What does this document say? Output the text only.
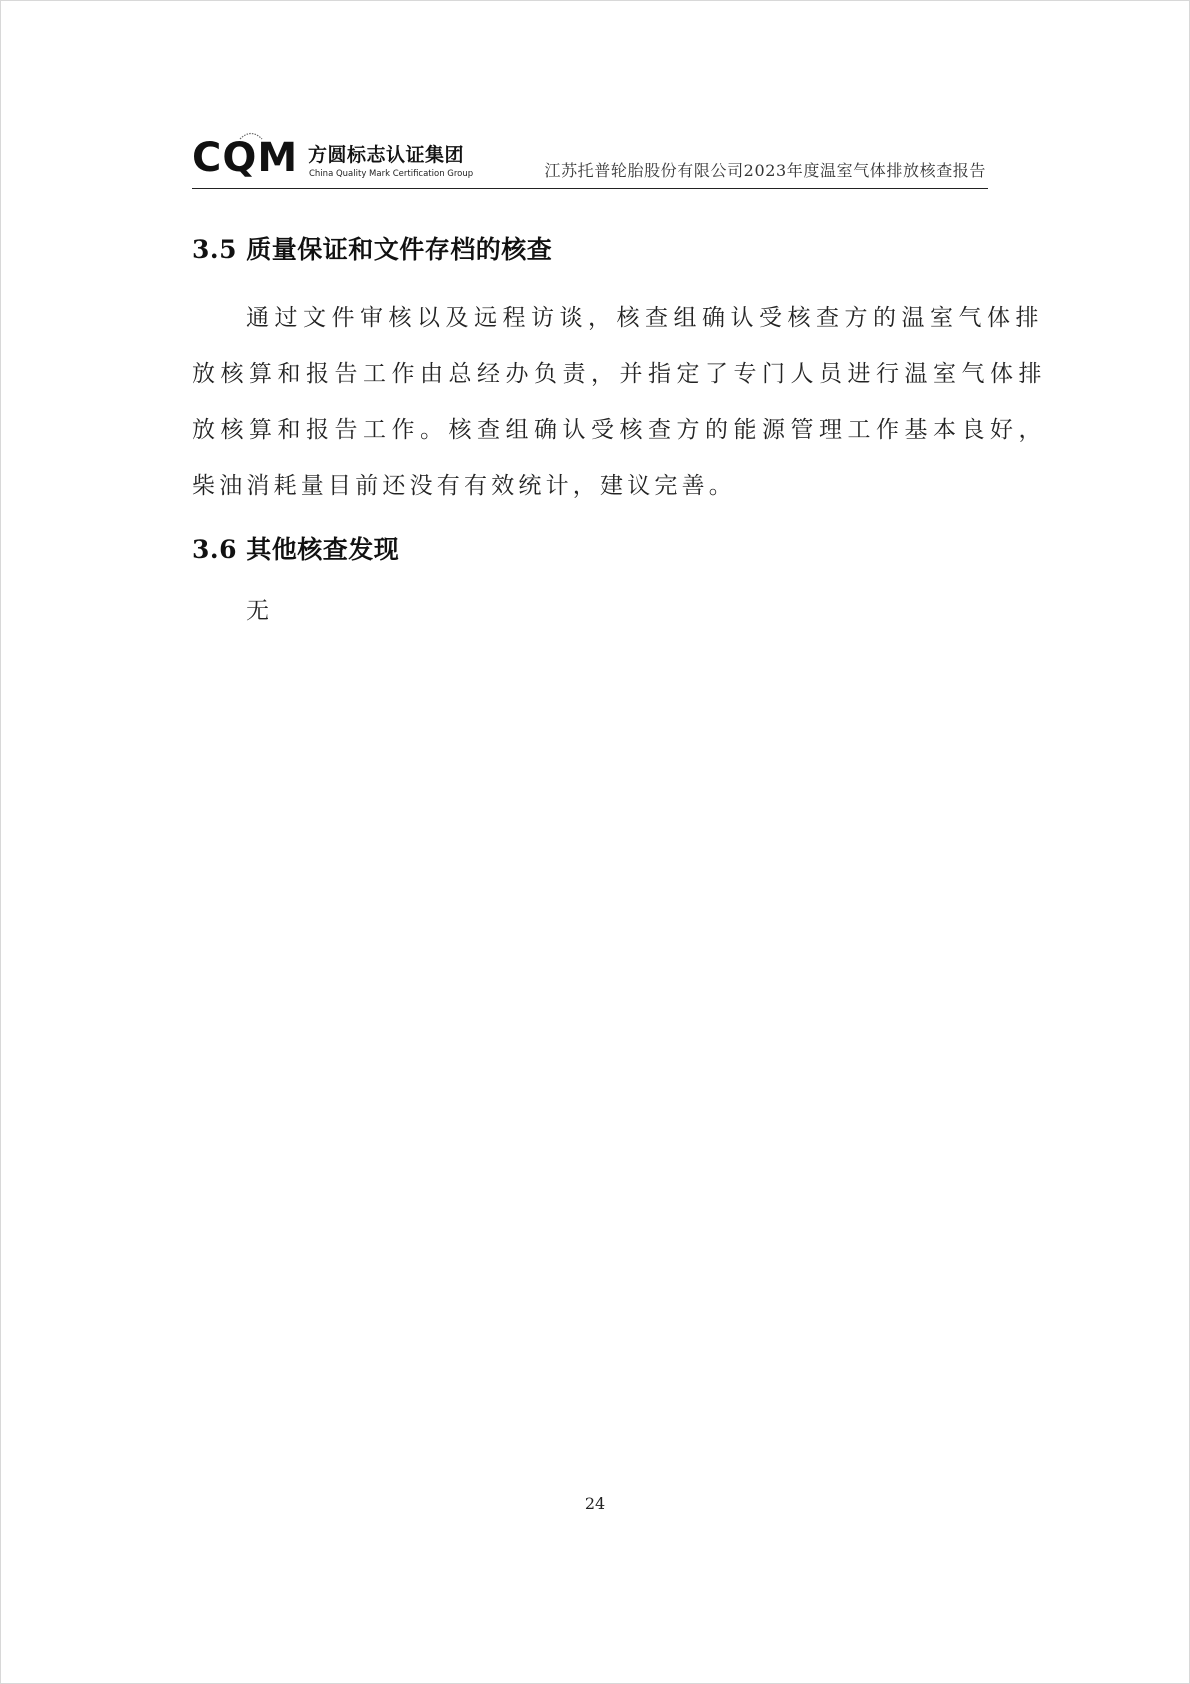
CQM 方圆标志认证集团
China Quality Mark Certification Group	江苏托普轮胎股份有限公司2023年度温室气体排放核查报告
3.5 质量保证和文件存档的核查
通过文件审核以及远程访谈，核查组确认受核查方的温室气体排
放核算和报告工作由总经办负责，并指定了专门人员进行温室气体排
放核算和报告工作。核查组确认受核查方的能源管理工作基本良好，
柴油消耗量目前还没有有效统计，建议完善。
3.6 其他核查发现
无
24
